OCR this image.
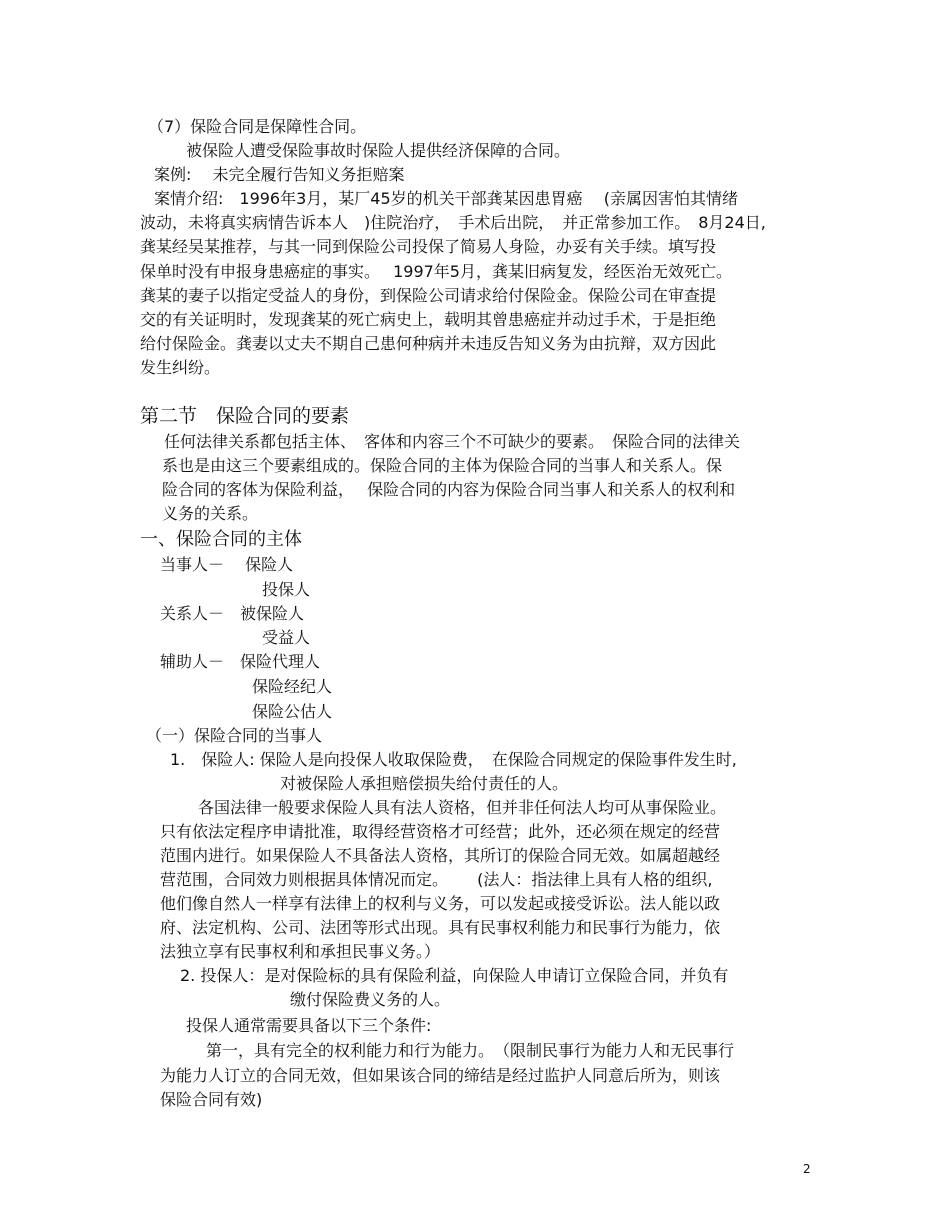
（7）保险合同是保障性合同。
被保险人遭受保险事故时保险人提供经济保障的合同。
案例:　 未完全履行告知义务拒赔案
案情介绍:　1996年3月，某厂45岁的机关干部龚某因患胃癌　 (亲属因害怕其情绪
波动，未将真实病情告诉本人　)住院治疗，　手术后出院，　并正常参加工作。　8月24日,
龚某经吴某推荐，与其一同到保险公司投保了简易人身险，办妥有关手续。填写投
保单时没有申报身患癌症的事实。　 1997年5月，龚某旧病复发，经医治无效死亡。
龚某的妻子以指定受益人的身份，到保险公司请求给付保险金。保险公司在审查提
交的有关证明时，发现龚某的死亡病史上，载明其曾患癌症并动过手术，于是拒绝
给付保险金。龚妻以丈夫不期自己患何种病并未违反告知义务为由抗辩，双方因此
发生纠纷。
第二节　保险合同的要素
任何法律关系都包括主体、　客体和内容三个不可缺少的要素。　保险合同的法律关
系也是由这三个要素组成的。保险合同的主体为保险合同的当事人和关系人。保
险合同的客体为保险利益，　 保险合同的内容为保险合同当事人和关系人的权利和
义务的关系。
一、保险合同的主体
当事人－　 保险人
投保人
关系人－　被保险人
受益人
辅助人－　保险代理人
保险经纪人
保险公估人
（一）保险合同的当事人
1.　保险人: 保险人是向投保人收取保险费，　在保险合同规定的保险事件发生时,
对被保险人承担赔偿损失给付责任的人。
各国法律一般要求保险人具有法人资格，但并非任何法人均可从事保险业。
只有依法定程序申请批准，取得经营资格才可经营；此外，还必须在规定的经营
范围内进行。如果保险人不具备法人资格，其所订的保险合同无效。如属超越经
营范围，合同效力则根据具体情况而定。　　 (法人：指法律上具有人格的组织,
他们像自然人一样享有法律上的权利与义务，可以发起或接受诉讼。法人能以政
府、法定机构、公司、法团等形式出现。具有民事权利能力和民事行为能力，依
法独立享有民事权利和承担民事义务。）
2. 投保人：是对保险标的具有保险利益，向保险人申请订立保险合同，并负有
缴付保险费义务的人。
投保人通常需要具备以下三个条件:
第一，具有完全的权利能力和行为能力。　（限制民事行为能力人和无民事行
为能力人订立的合同无效，但如果该合同的缔结是经过监护人同意后所为，则该
保险合同有效)
2
